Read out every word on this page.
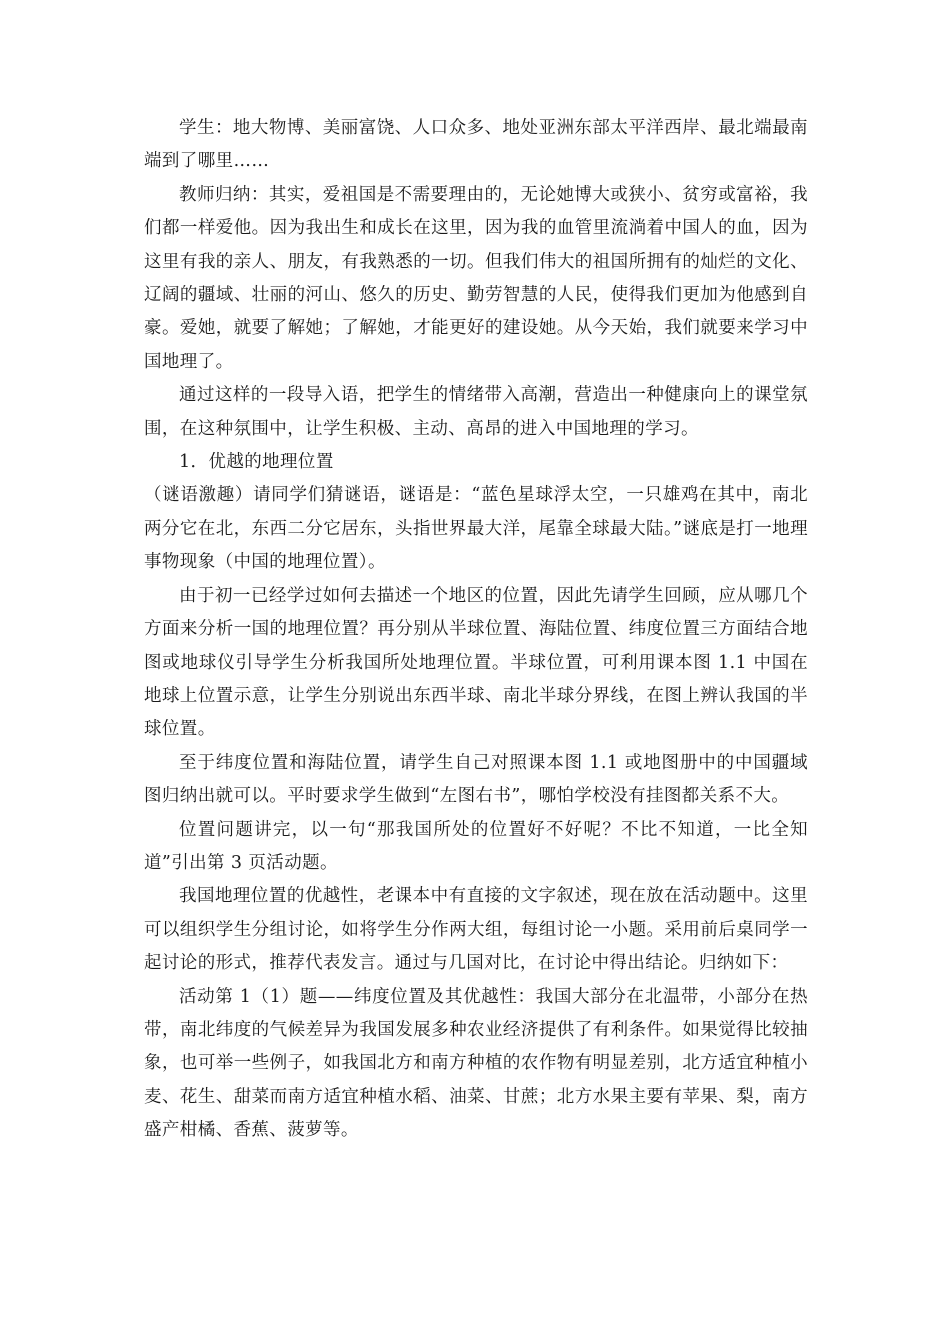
学生：地大物博、美丽富饶、人口众多、地处亚洲东部太平洋西岸、最北端最南端到了哪里……

教师归纳：其实，爱祖国是不需要理由的，无论她博大或狭小、贫穷或富裕，我们都一样爱他。因为我出生和成长在这里，因为我的血管里流淌着中国人的血，因为这里有我的亲人、朋友，有我熟悉的一切。但我们伟大的祖国所拥有的灿烂的文化、辽阔的疆域、壮丽的河山、悠久的历史、勤劳智慧的人民，使得我们更加为他感到自豪。爱她，就要了解她；了解她，才能更好的建设她。从今天始，我们就要来学习中国地理了。

通过这样的一段导入语，把学生的情绪带入高潮，营造出一种健康向上的课堂氛围，在这种氛围中，让学生积极、主动、高昂的进入中国地理的学习。

1．优越的地理位置

（谜语激趣）请同学们猜谜语，谜语是：“蓝色星球浮太空，一只雄鸡在其中，南北两分它在北，东西二分它居东，头指世界最大洋，尾靠全球最大陆。”谜底是打一地理事物现象（中国的地理位置）。

由于初一已经学过如何去描述一个地区的位置，因此先请学生回顾，应从哪几个方面来分析一国的地理位置？再分别从半球位置、海陆位置、纬度位置三方面结合地图或地球仪引导学生分析我国所处地理位置。半球位置，可利用课本图 1.1 中国在地球上位置示意，让学生分别说出东西半球、南北半球分界线，在图上辨认我国的半球位置。

至于纬度位置和海陆位置，请学生自己对照课本图 1.1 或地图册中的中国疆域图归纳出就可以。平时要求学生做到“左图右书”，哪怕学校没有挂图都关系不大。

位置问题讲完，以一句“那我国所处的位置好不好呢？不比不知道，一比全知道”引出第 3 页活动题。

我国地理位置的优越性，老课本中有直接的文字叙述，现在放在活动题中。这里可以组织学生分组讨论，如将学生分作两大组，每组讨论一小题。采用前后桌同学一起讨论的形式，推荐代表发言。通过与几国对比，在讨论中得出结论。归纳如下：

活动第 1（1）题——纬度位置及其优越性：我国大部分在北温带，小部分在热带，南北纬度的气候差异为我国发展多种农业经济提供了有利条件。如果觉得比较抽象，也可举一些例子，如我国北方和南方种植的农作物有明显差别，北方适宜种植小麦、花生、甜菜而南方适宜种植水稻、油菜、甘蔗；北方水果主要有苹果、梨，南方盛产柑橘、香蕉、菠萝等。
